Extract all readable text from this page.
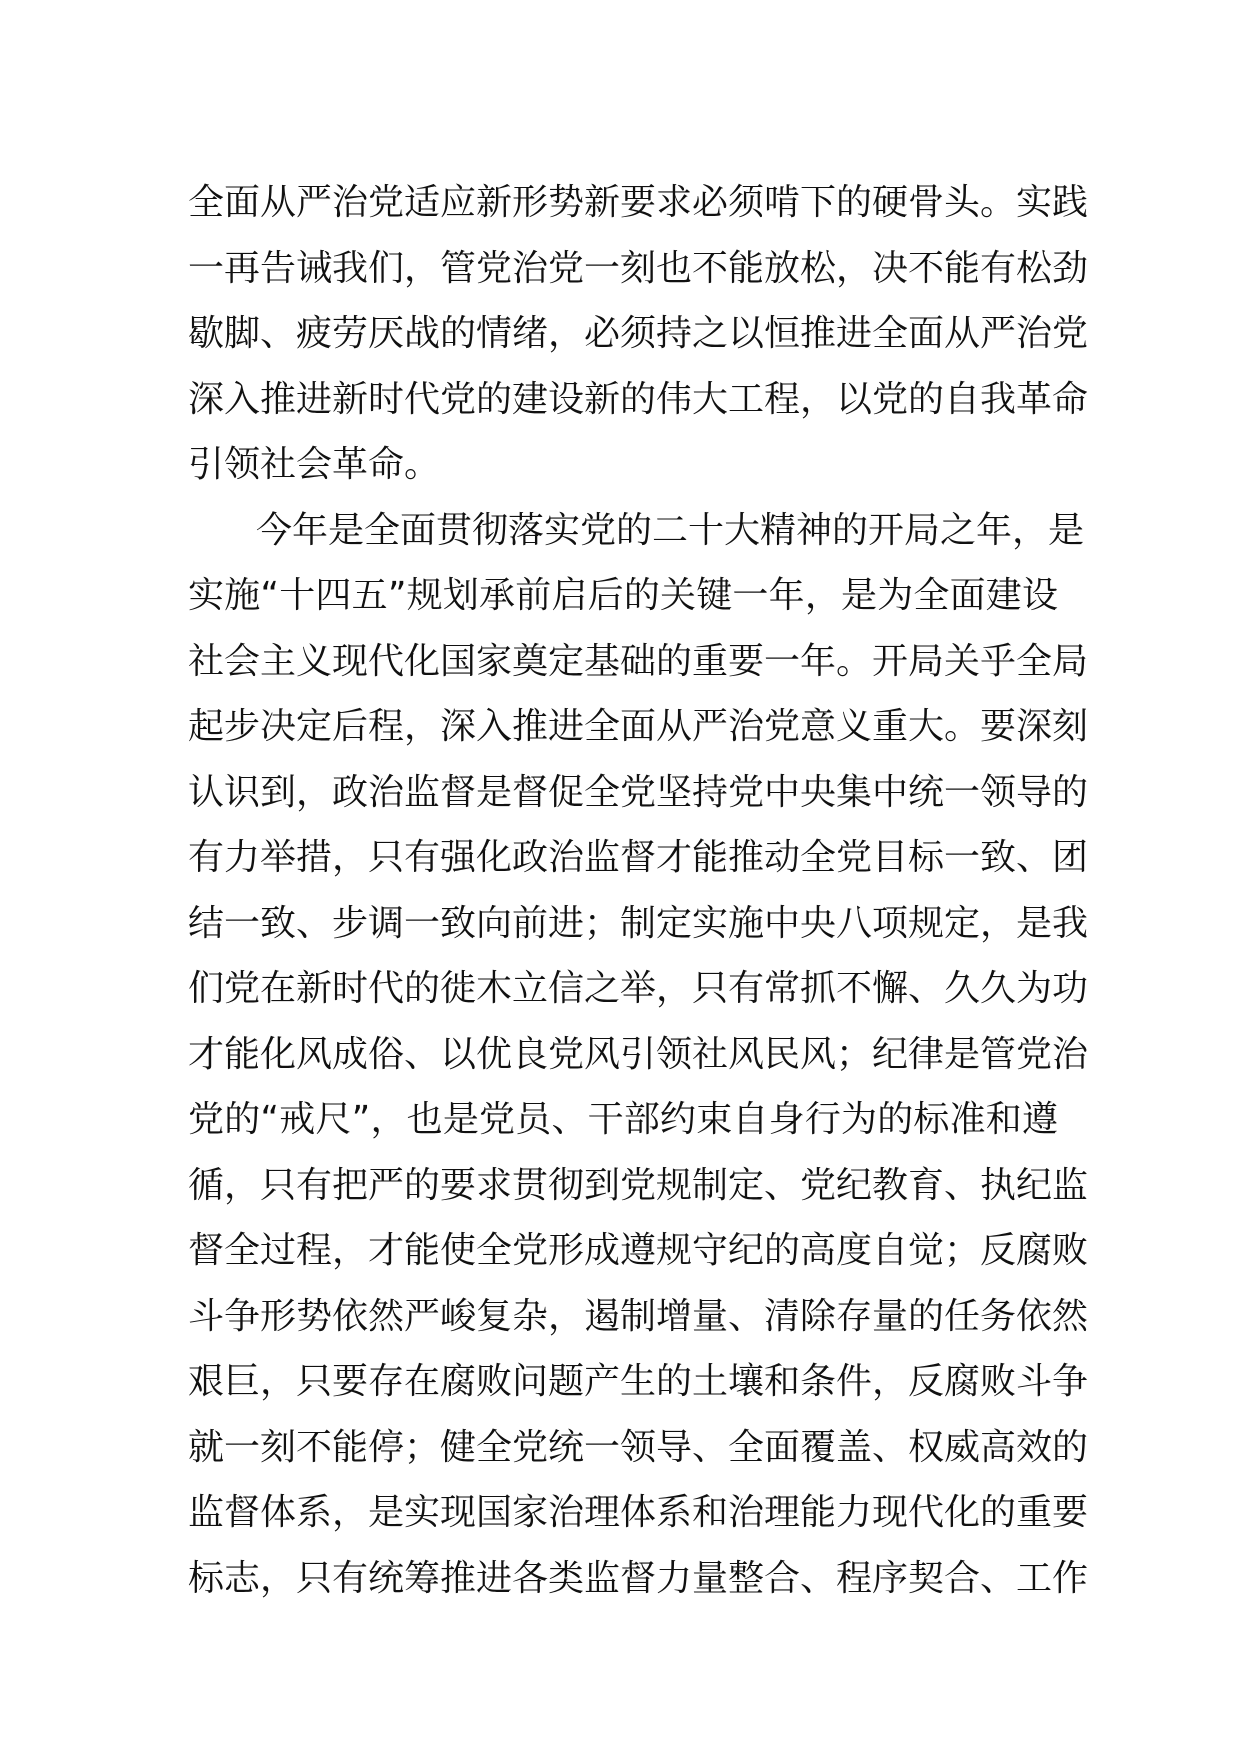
全面从严治党适应新形势新要求必须啃下的硬骨头。实践
一再告诫我们，管党治党一刻也不能放松，决不能有松劲
歇脚、疲劳厌战的情绪，必须持之以恒推进全面从严治党
深入推进新时代党的建设新的伟大工程，以党的自我革命
引领社会革命。
今年是全面贯彻落实党的二十大精神的开局之年，是
实施“十四五”规划承前启后的关键一年，是为全面建设
社会主义现代化国家奠定基础的重要一年。开局关乎全局
起步决定后程，深入推进全面从严治党意义重大。要深刻
认识到，政治监督是督促全党坚持党中央集中统一领导的
有力举措，只有强化政治监督才能推动全党目标一致、团
结一致、步调一致向前进；制定实施中央八项规定，是我
们党在新时代的徙木立信之举，只有常抓不懈、久久为功
才能化风成俗、以优良党风引领社风民风；纪律是管党治
党的“戒尺”，也是党员、干部约束自身行为的标准和遵
循，只有把严的要求贯彻到党规制定、党纪教育、执纪监
督全过程，才能使全党形成遵规守纪的高度自觉；反腐败
斗争形势依然严峻复杂，遏制增量、清除存量的任务依然
艰巨，只要存在腐败问题产生的土壤和条件，反腐败斗争
就一刻不能停；健全党统一领导、全面覆盖、权威高效的
监督体系，是实现国家治理体系和治理能力现代化的重要
标志，只有统筹推进各类监督力量整合、程序契合、工作
